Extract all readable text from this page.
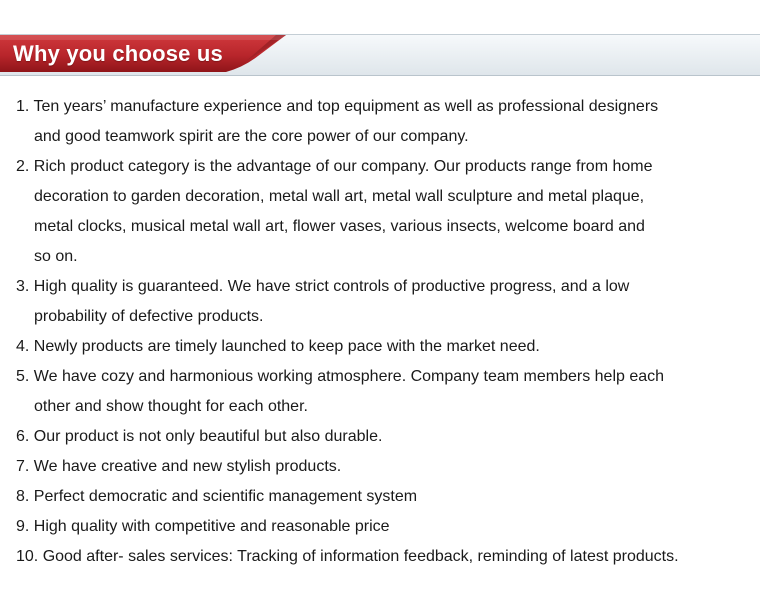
Why you choose us
1. Ten years’ manufacture experience and top equipment as well as professional designers
and good teamwork spirit are the core power of our company.
2. Rich product category is the advantage of our company. Our products range from home
decoration to garden decoration, metal wall art, metal wall sculpture and metal plaque,
metal clocks, musical metal wall art, flower vases, various insects, welcome board and
so on.
3. High quality is guaranteed. We have strict controls of productive progress, and a low
probability of defective products.
4. Newly products are timely launched to keep pace with the market need.
5. We have cozy and harmonious working atmosphere. Company team members help each
other and show thought for each other.
6. Our product is not only beautiful but also durable.
7. We have creative and new stylish products.
8. Perfect democratic and scientific management system
9. High quality with competitive and reasonable price
10. Good after- sales services: Tracking of information feedback, reminding of latest products.
